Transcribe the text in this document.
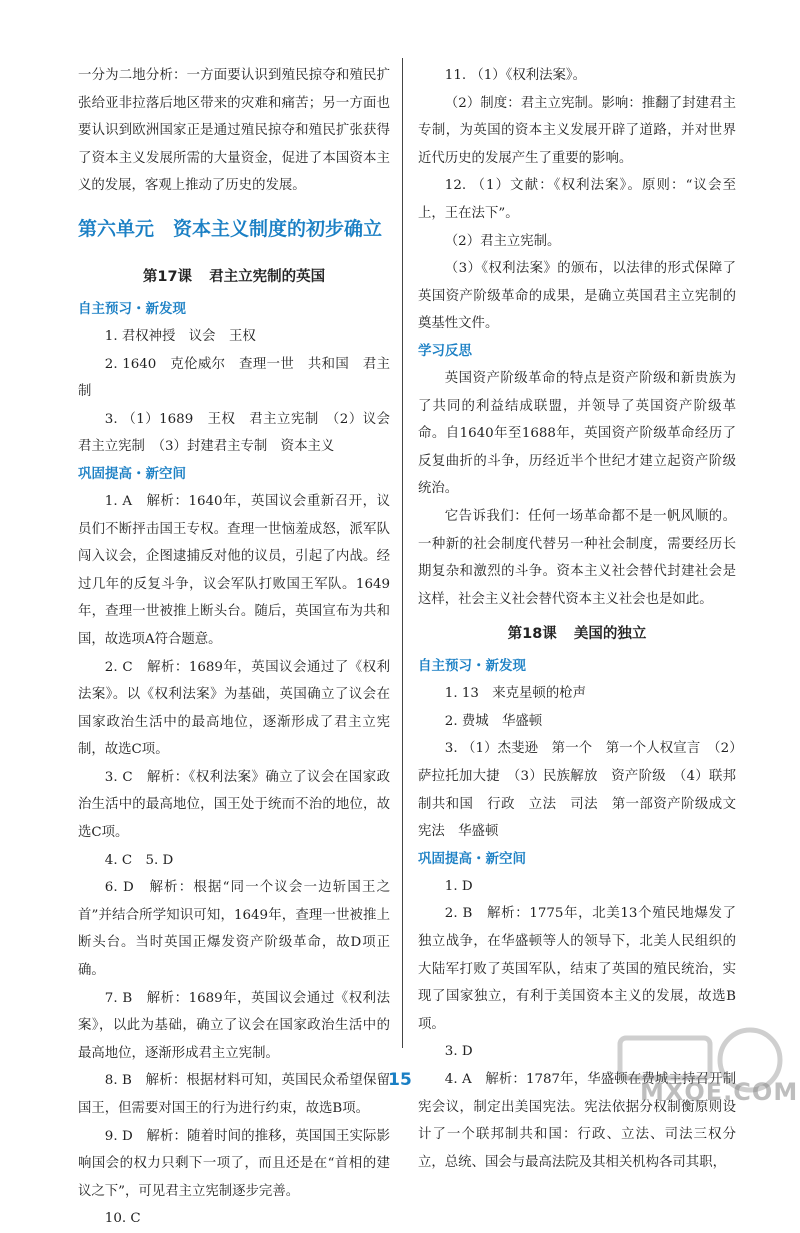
一分为二地分析：一方面要认识到殖民掠夺和殖民扩张给亚非拉落后地区带来的灾难和痛苦；另一方面也要认识到欧洲国家正是通过殖民掠夺和殖民扩张获得了资本主义发展所需的大量资金，促进了本国资本主义的发展，客观上推动了历史的发展。

第六单元　资本主义制度的初步确立
第17课 君主立宪制的英国
自主预习・新发现

1. 君权神授　议会　王权

2. 1640　克伦威尔　查理一世　共和国　君主制

3. （1）1689　王权　君主立宪制　（2）议会　君主立宪制　（3）封建君主专制　资本主义

巩固提高・新空间

1. A　解析：1640年，英国议会重新召开，议员们不断抨击国王专权。查理一世恼羞成怒，派军队闯入议会，企图逮捕反对他的议员，引起了内战。经过几年的反复斗争，议会军队打败国王军队。1649年，查理一世被推上断头台。随后，英国宣布为共和国，故选项A符合题意。

2. C　解析：1689年，英国议会通过了《权利法案》。以《权利法案》为基础，英国确立了议会在国家政治生活中的最高地位，逐渐形成了君主立宪制，故选C项。

3. C　解析：《权利法案》确立了议会在国家政治生活中的最高地位，国王处于统而不治的地位，故选C项。

4. C　5. D

6. D　解析：根据“同一个议会一边斩国王之首”并结合所学知识可知，1649年，查理一世被推上断头台。当时英国正爆发资产阶级革命，故D项正确。

7. B　解析：1689年，英国议会通过《权利法案》，以此为基础，确立了议会在国家政治生活中的最高地位，逐渐形成君主立宪制。

8. B　解析：根据材料可知，英国民众希望保留国王，但需要对国王的行为进行约束，故选B项。

9. D　解析：随着时间的推移，英国国王实际影响国会的权力只剩下一项了，而且还是在“首相的建议之下”，可见君主立宪制逐步完善。

10. C

11. （1）《权利法案》。

（2）制度：君主立宪制。影响：推翻了封建君主专制，为英国的资本主义发展开辟了道路，并对世界近代历史的发展产生了重要的影响。

12. （1）文献：《权利法案》。原则：“议会至上，王在法下”。

（2）君主立宪制。

（3）《权利法案》的颁布，以法律的形式保障了英国资产阶级革命的成果，是确立英国君主立宪制的奠基性文件。

学习反思

英国资产阶级革命的特点是资产阶级和新贵族为了共同的利益结成联盟，并领导了英国资产阶级革命。自1640年至1688年，英国资产阶级革命经历了反复曲折的斗争，历经近半个世纪才建立起资产阶级统治。

它告诉我们：任何一场革命都不是一帆风顺的。一种新的社会制度代替另一种社会制度，需要经历长期复杂和激烈的斗争。资本主义社会替代封建社会是这样，社会主义社会替代资本主义社会也是如此。

第18课 美国的独立
自主预习・新发现

1. 13　来克星顿的枪声

2. 费城　华盛顿

3. （1）杰斐逊　第一个　第一个人权宣言　（2）萨拉托加大捷　（3）民族解放　资产阶级　（4）联邦制共和国　行政　立法　司法　第一部资产阶级成文宪法　华盛顿

巩固提高・新空间

1. D

2. B　解析：1775年，北美13个殖民地爆发了独立战争，在华盛顿等人的领导下，北美人民组织的大陆军打败了英国军队，结束了英国的殖民统治，实现了国家独立，有利于美国资本主义的发展，故选B项。

3. D

4. A　解析：1787年，华盛顿在费城主持召开制宪会议，制定出美国宪法。宪法依据分权制衡原则设计了一个联邦制共和国：行政、立法、司法三权分立，总统、国会与最高法院及其相关机构各司其职，

15	MXQE.COM
